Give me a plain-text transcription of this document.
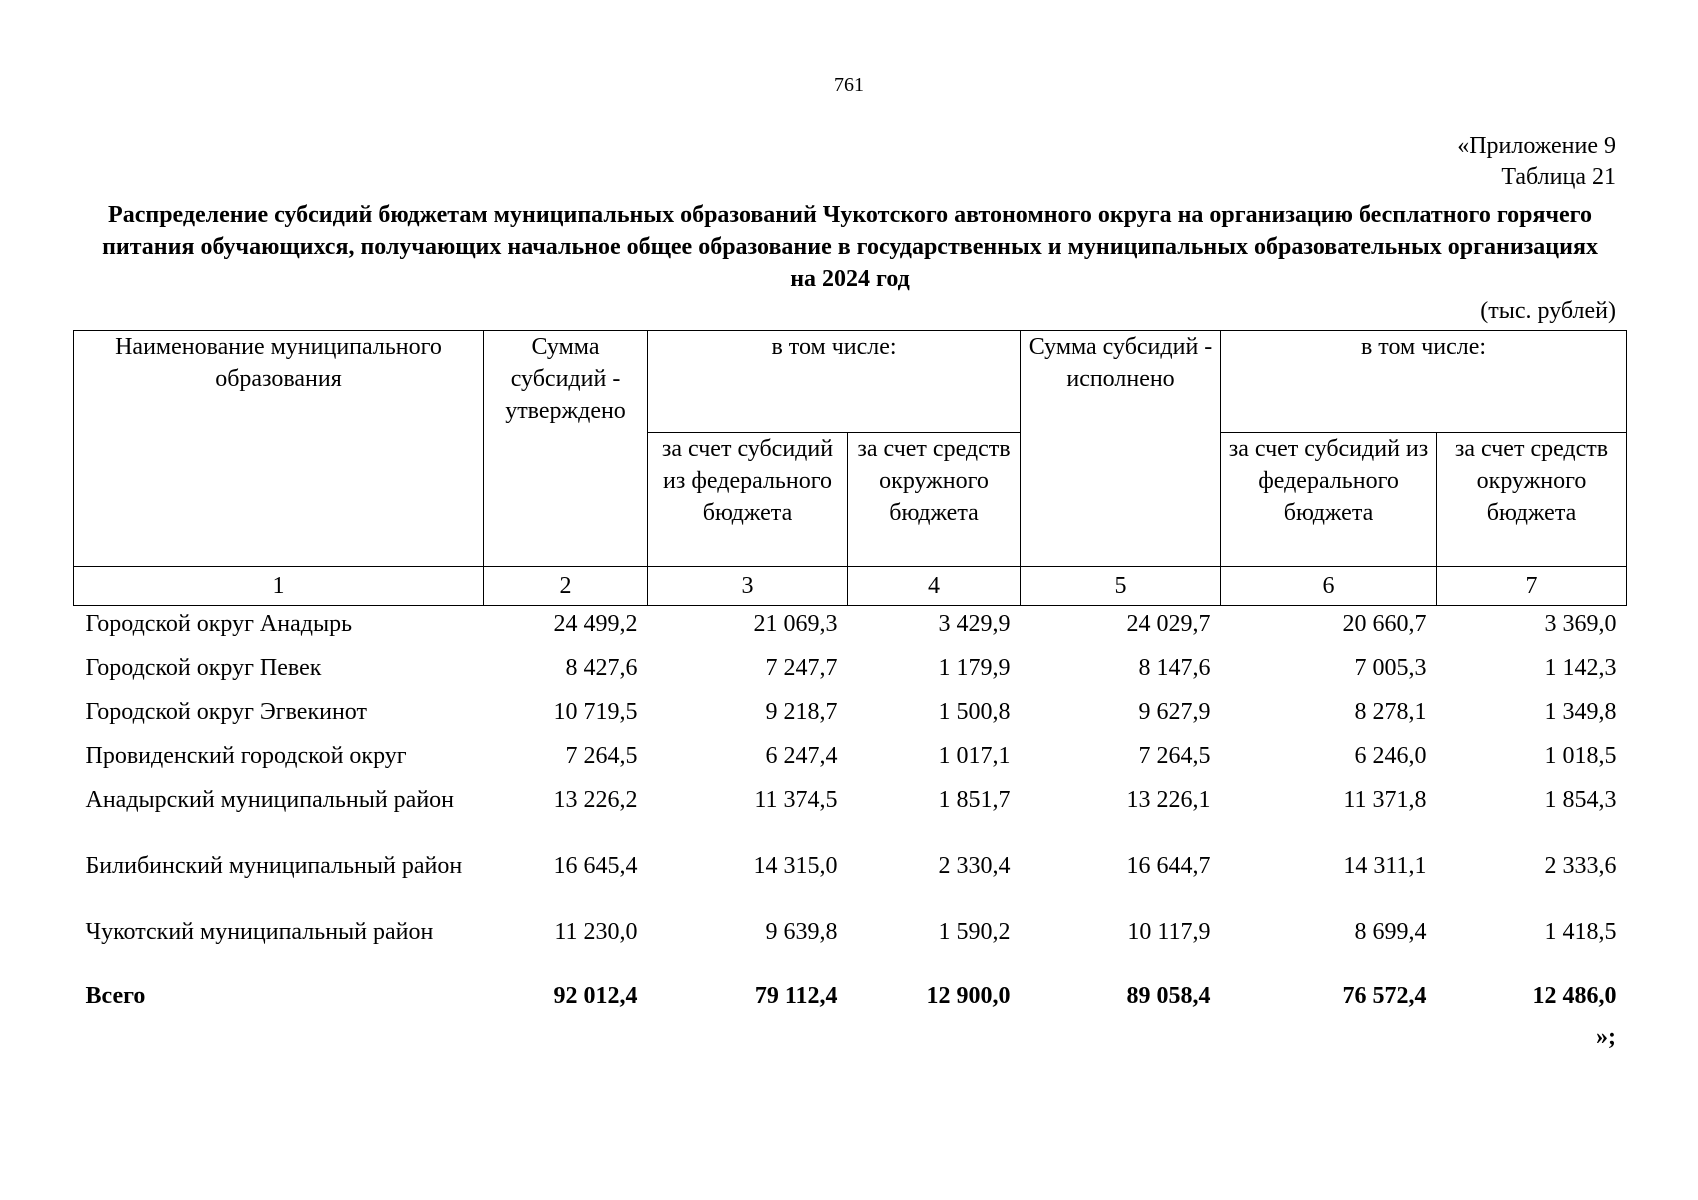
761
«Приложение 9
Таблица 21
Распределение субсидий бюджетам муниципальных образований Чукотского автономного округа на организацию бесплатного горячего питания обучающихся, получающих начальное общее образование в государственных и муниципальных образовательных организациях на 2024 год
(тыс. рублей)
Наименование муниципального образования	Сумма субсидий - утверждено	в том числе:		Сумма субсидий - исполнено	в том числе:	
		за счет субсидий из федерального бюджета	за счет средств окружного бюджета		за счет субсидий из федерального бюджета	за счет средств окружного бюджета
1	2	3	4	5	6	7
Городской округ Анадырь	24 499,2	21 069,3	3 429,9	24 029,7	20 660,7	3 369,0
Городской округ Певек	8 427,6	7 247,7	1 179,9	8 147,6	7 005,3	1 142,3
Городской округ Эгвекинот	10 719,5	9 218,7	1 500,8	9 627,9	8 278,1	1 349,8
Провиденский городской округ	7 264,5	6 247,4	1 017,1	7 264,5	6 246,0	1 018,5
Анадырский муниципальный район	13 226,2	11 374,5	1 851,7	13 226,1	11 371,8	1 854,3
Билибинский муниципальный район	16 645,4	14 315,0	2 330,4	16 644,7	14 311,1	2 333,6
Чукотский муниципальный район	11 230,0	9 639,8	1 590,2	10 117,9	8 699,4	1 418,5
Всего	92 012,4	79 112,4	12 900,0	89 058,4	76 572,4	12 486,0
»;
